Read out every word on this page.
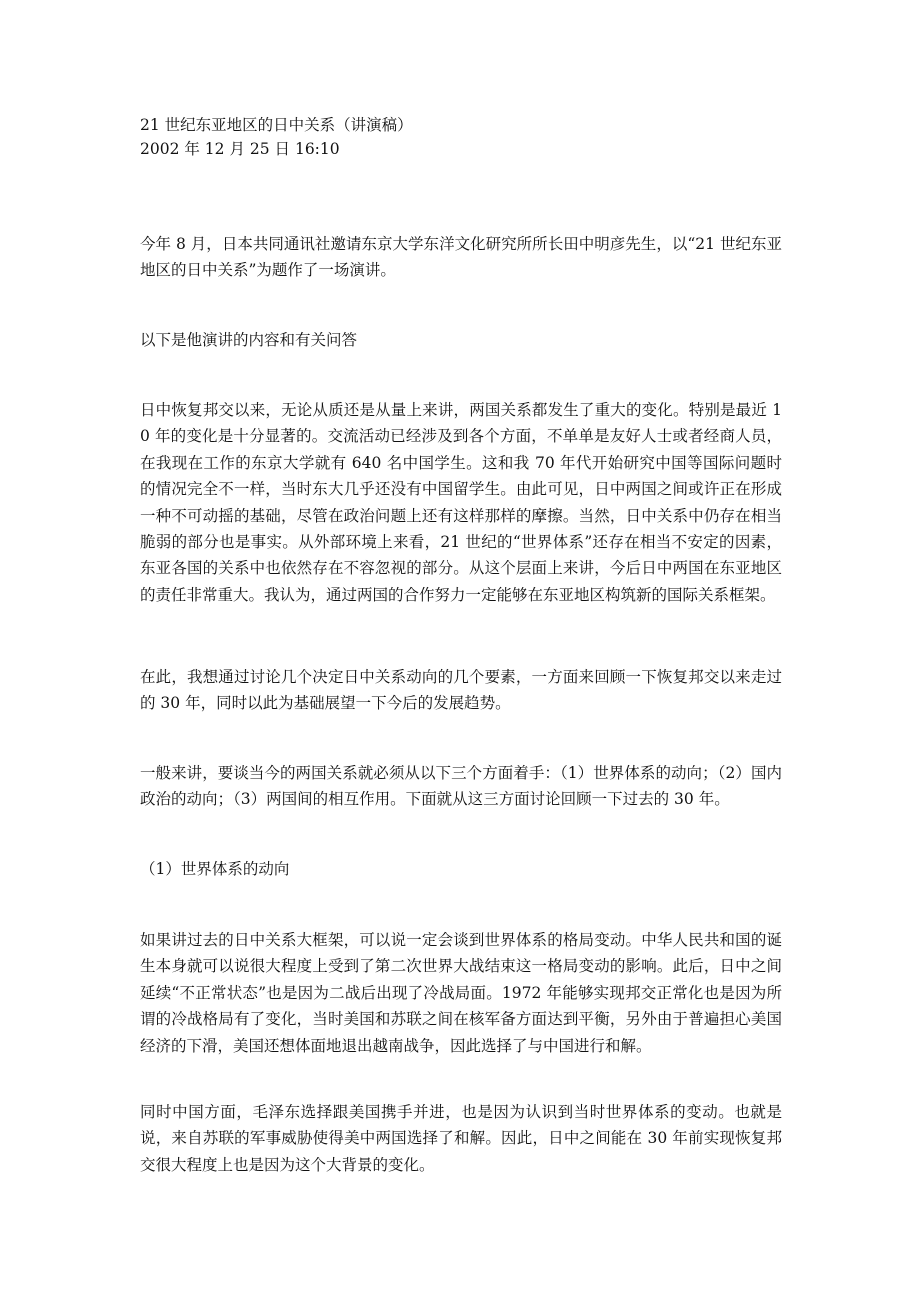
21 世纪东亚地区的日中关系（讲演稿）

2002 年 12 月 25 日 16:10

今年 8 月，日本共同通讯社邀请东京大学东洋文化研究所所长田中明彦先生，以“21 世纪东亚地区的日中关系”为题作了一场演讲。

以下是他演讲的内容和有关问答

日中恢复邦交以来，无论从质还是从量上来讲，两国关系都发生了重大的变化。特别是最近 10 年的变化是十分显著的。交流活动已经涉及到各个方面，不单单是友好人士或者经商人员，在我现在工作的东京大学就有 640 名中国学生。这和我 70 年代开始研究中国等国际问题时的情况完全不一样，当时东大几乎还没有中国留学生。由此可见，日中两国之间或许正在形成一种不可动摇的基础，尽管在政治问题上还有这样那样的摩擦。当然，日中关系中仍存在相当脆弱的部分也是事实。从外部环境上来看，21 世纪的“世界体系”还存在相当不安定的因素，东亚各国的关系中也依然存在不容忽视的部分。从这个层面上来讲，今后日中两国在东亚地区的责任非常重大。我认为，通过两国的合作努力一定能够在东亚地区构筑新的国际关系框架。

在此，我想通过讨论几个决定日中关系动向的几个要素，一方面来回顾一下恢复邦交以来走过的 30 年，同时以此为基础展望一下今后的发展趋势。

一般来讲，要谈当今的两国关系就必须从以下三个方面着手：（1）世界体系的动向；（2）国内政治的动向；（3）两国间的相互作用。下面就从这三方面讨论回顾一下过去的 30 年。

（1）世界体系的动向

如果讲过去的日中关系大框架，可以说一定会谈到世界体系的格局变动。中华人民共和国的诞生本身就可以说很大程度上受到了第二次世界大战结束这一格局变动的影响。此后，日中之间延续“不正常状态”也是因为二战后出现了冷战局面。1972 年能够实现邦交正常化也是因为所谓的冷战格局有了变化，当时美国和苏联之间在核军备方面达到平衡，另外由于普遍担心美国经济的下滑，美国还想体面地退出越南战争，因此选择了与中国进行和解。

同时中国方面，毛泽东选择跟美国携手并进，也是因为认识到当时世界体系的变动。也就是说，来自苏联的军事威胁使得美中两国选择了和解。因此，日中之间能在 30 年前实现恢复邦交很大程度上也是因为这个大背景的变化。
